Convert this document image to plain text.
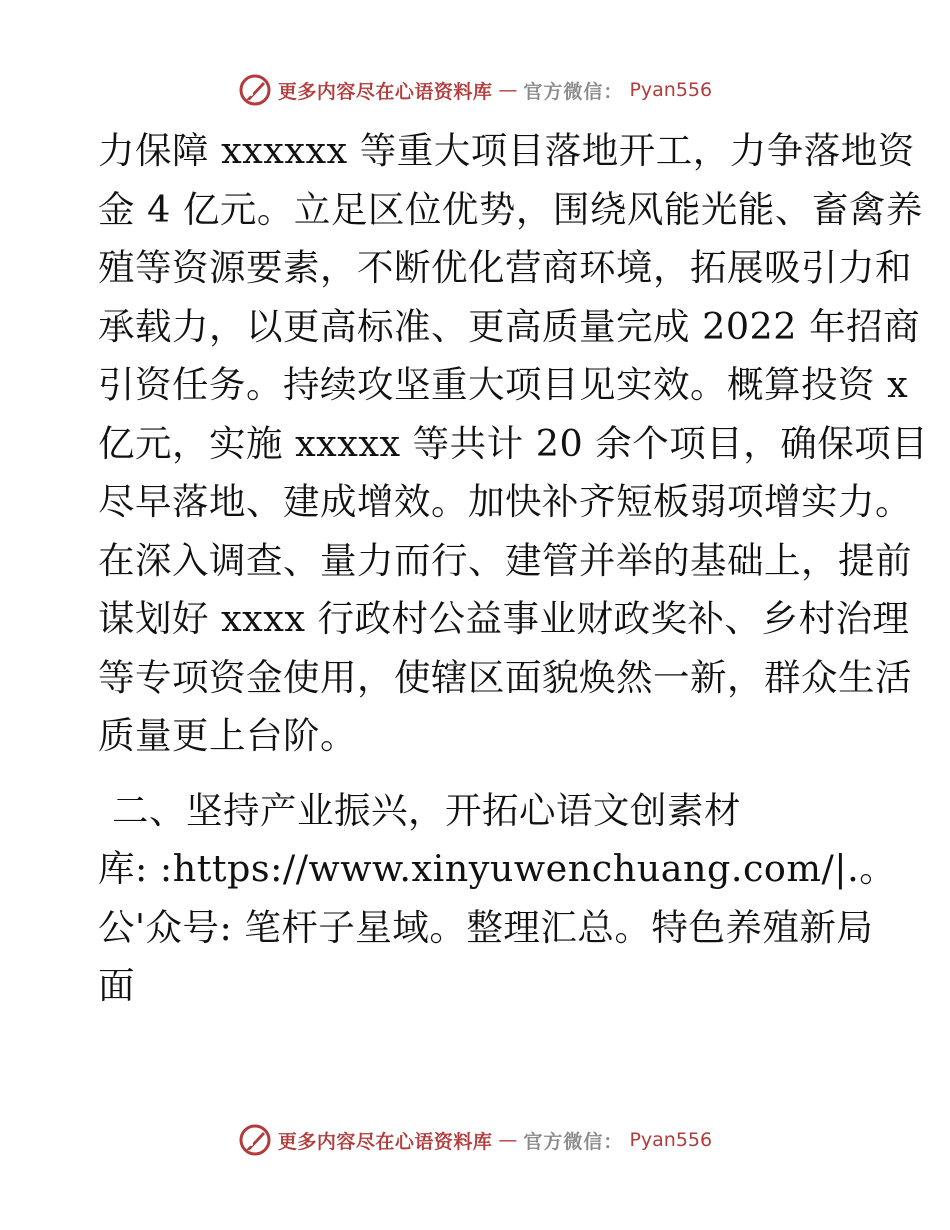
更多内容尽在心语资料库 — 官方微信： Pyan556
力保障 xxxxxx 等重大项目落地开工，力争落地资
金 4 亿元。立足区位优势，围绕风能光能、畜禽养
殖等资源要素，不断优化营商环境，拓展吸引力和
承载力，以更高标准、更高质量完成 2022 年招商
引资任务。持续攻坚重大项目见实效。概算投资 x
亿元，实施 xxxxx 等共计 20 余个项目，确保项目
尽早落地、建成增效。加快补齐短板弱项增实力。
在深入调查、量力而行、建管并举的基础上，提前
谋划好 xxxx 行政村公益事业财政奖补、乡村治理
等专项资金使用，使辖区面貌焕然一新，群众生活
质量更上台阶。
二、坚持产业振兴，开拓心语文创素材
库: :https://www.xinyuwenchuang.com/|.。
公'众号: 笔杆子星域。整理汇总。特色养殖新局
面
更多内容尽在心语资料库 — 官方微信： Pyan556
